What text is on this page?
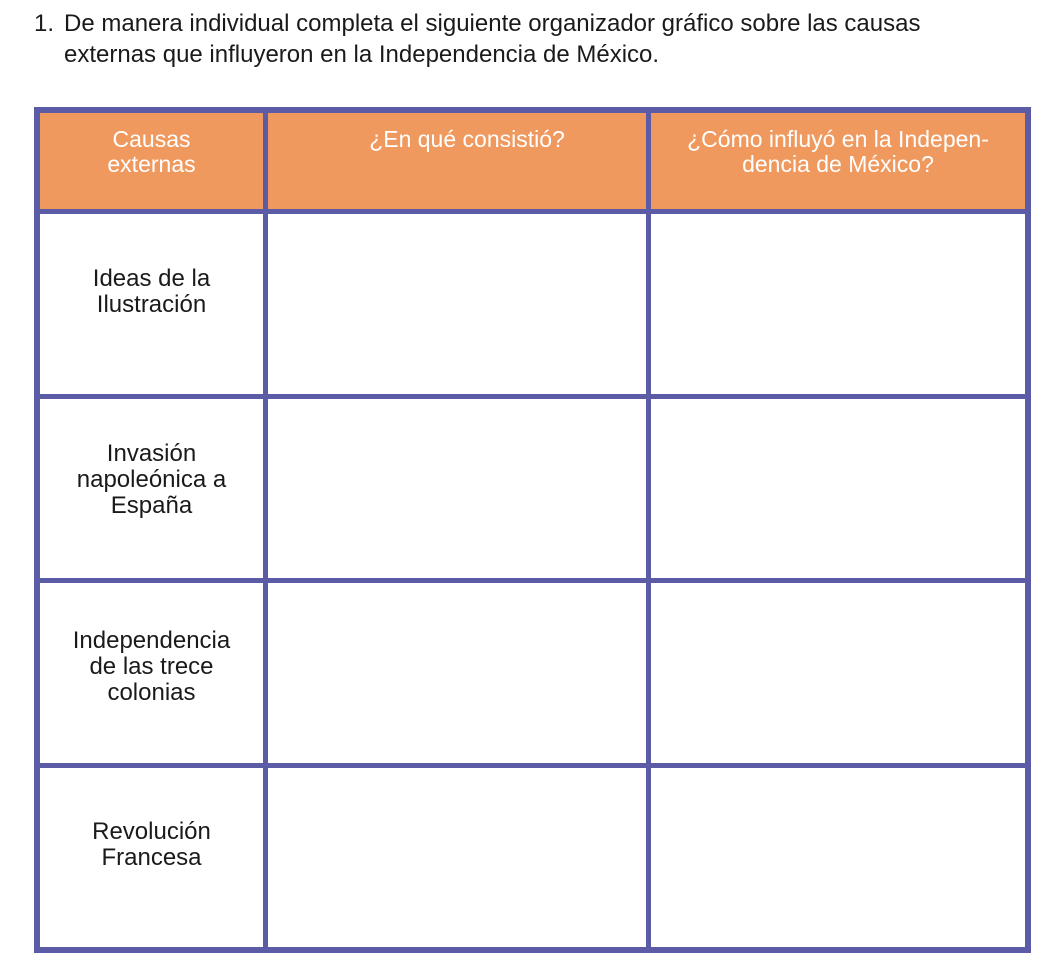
1. De manera individual completa el siguiente organizador gráfico sobre las causas externas que influyeron en la Independencia de México.
Causas
externas
¿En qué consistió?	¿Cómo influyó en la Indepen-
dencia de México?
Ideas de la
Ilustración
Invasión
napoleónica a
España
Independencia
de las trece
colonias
Revolución
Francesa
